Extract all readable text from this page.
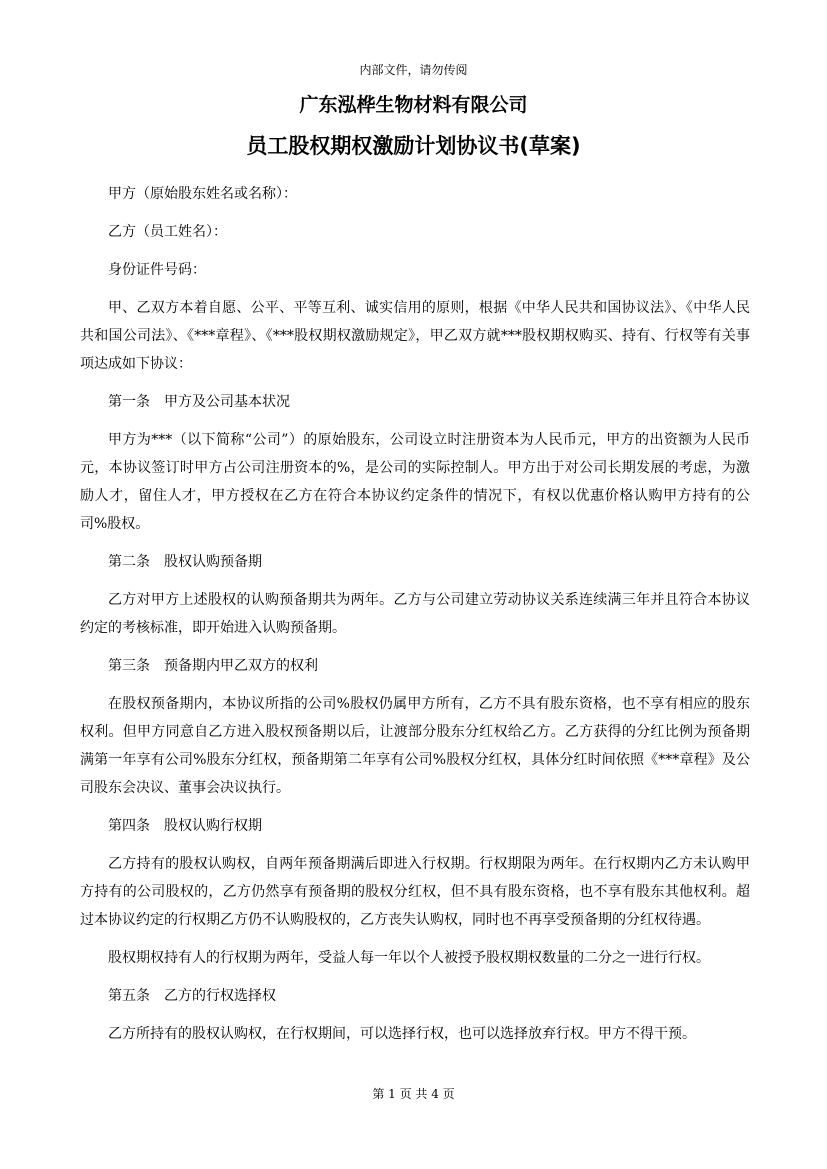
内部文件，请勿传阅
广东泓桦生物材料有限公司
员工股权期权激励计划协议书(草案)

甲方（原始股东姓名或名称）：

乙方（员工姓名）：

身份证件号码：

甲、乙双方本着自愿、公平、平等互利、诚实信用的原则，根据《中华人民共和国协议法》、《中华人民共和国公司法》、《***章程》、《***股权期权激励规定》，甲乙双方就***股权期权购买、持有、行权等有关事项达成如下协议：

第一条　甲方及公司基本状况

甲方为***（以下简称“公司”）的原始股东，公司设立时注册资本为人民币元，甲方的出资额为人民币元，本协议签订时甲方占公司注册资本的%，是公司的实际控制人。甲方出于对公司长期发展的考虑，为激励人才，留住人才，甲方授权在乙方在符合本协议约定条件的情况下，有权以优惠价格认购甲方持有的公司%股权。

第二条　股权认购预备期

乙方对甲方上述股权的认购预备期共为两年。乙方与公司建立劳动协议关系连续满三年并且符合本协议约定的考核标准，即开始进入认购预备期。

第三条　预备期内甲乙双方的权利

在股权预备期内，本协议所指的公司%股权仍属甲方所有，乙方不具有股东资格，也不享有相应的股东权利。但甲方同意自乙方进入股权预备期以后，让渡部分股东分红权给乙方。乙方获得的分红比例为预备期满第一年享有公司%股东分红权，预备期第二年享有公司%股权分红权，具体分红时间依照《***章程》及公司股东会决议、董事会决议执行。

第四条　股权认购行权期

乙方持有的股权认购权，自两年预备期满后即进入行权期。行权期限为两年。在行权期内乙方未认购甲方持有的公司股权的，乙方仍然享有预备期的股权分红权，但不具有股东资格，也不享有股东其他权利。超过本协议约定的行权期乙方仍不认购股权的，乙方丧失认购权，同时也不再享受预备期的分红权待遇。

股权期权持有人的行权期为两年，受益人每一年以个人被授予股权期权数量的二分之一进行行权。

第五条　乙方的行权选择权

乙方所持有的股权认购权，在行权期间，可以选择行权，也可以选择放弃行权。甲方不得干预。

第 1 页 共 4 页
